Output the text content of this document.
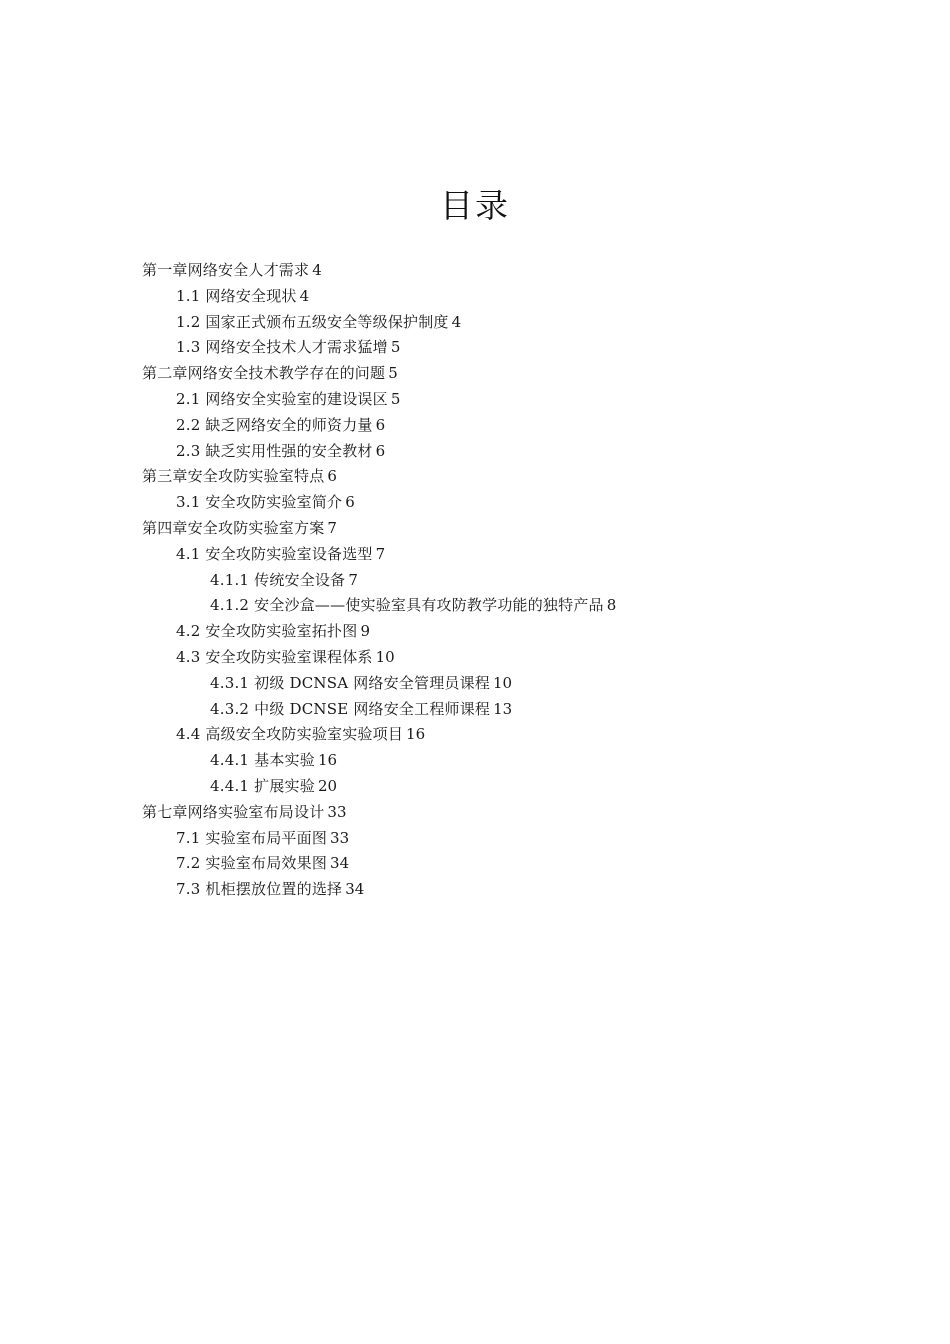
目录
第一章网络安全人才需求 4
1.1 网络安全现状 4
1.2 国家正式颁布五级安全等级保护制度 4
1.3 网络安全技术人才需求猛增 5
第二章网络安全技术教学存在的问题 5
2.1 网络安全实验室的建设误区 5
2.2 缺乏网络安全的师资力量 6
2.3 缺乏实用性强的安全教材 6
第三章安全攻防实验室特点 6
3.1 安全攻防实验室简介 6
第四章安全攻防实验室方案 7
4.1 安全攻防实验室设备选型 7
4.1.1 传统安全设备 7
4.1.2 安全沙盒——使实验室具有攻防教学功能的独特产品 8
4.2 安全攻防实验室拓扑图 9
4.3 安全攻防实验室课程体系 10
4.3.1 初级 DCNSA 网络安全管理员课程 10
4.3.2 中级 DCNSE 网络安全工程师课程 13
4.4 高级安全攻防实验室实验项目 16
4.4.1 基本实验 16
4.4.1 扩展实验 20
第七章网络实验室布局设计 33
7.1 实验室布局平面图 33
7.2 实验室布局效果图 34
7.3 机柜摆放位置的选择 34
